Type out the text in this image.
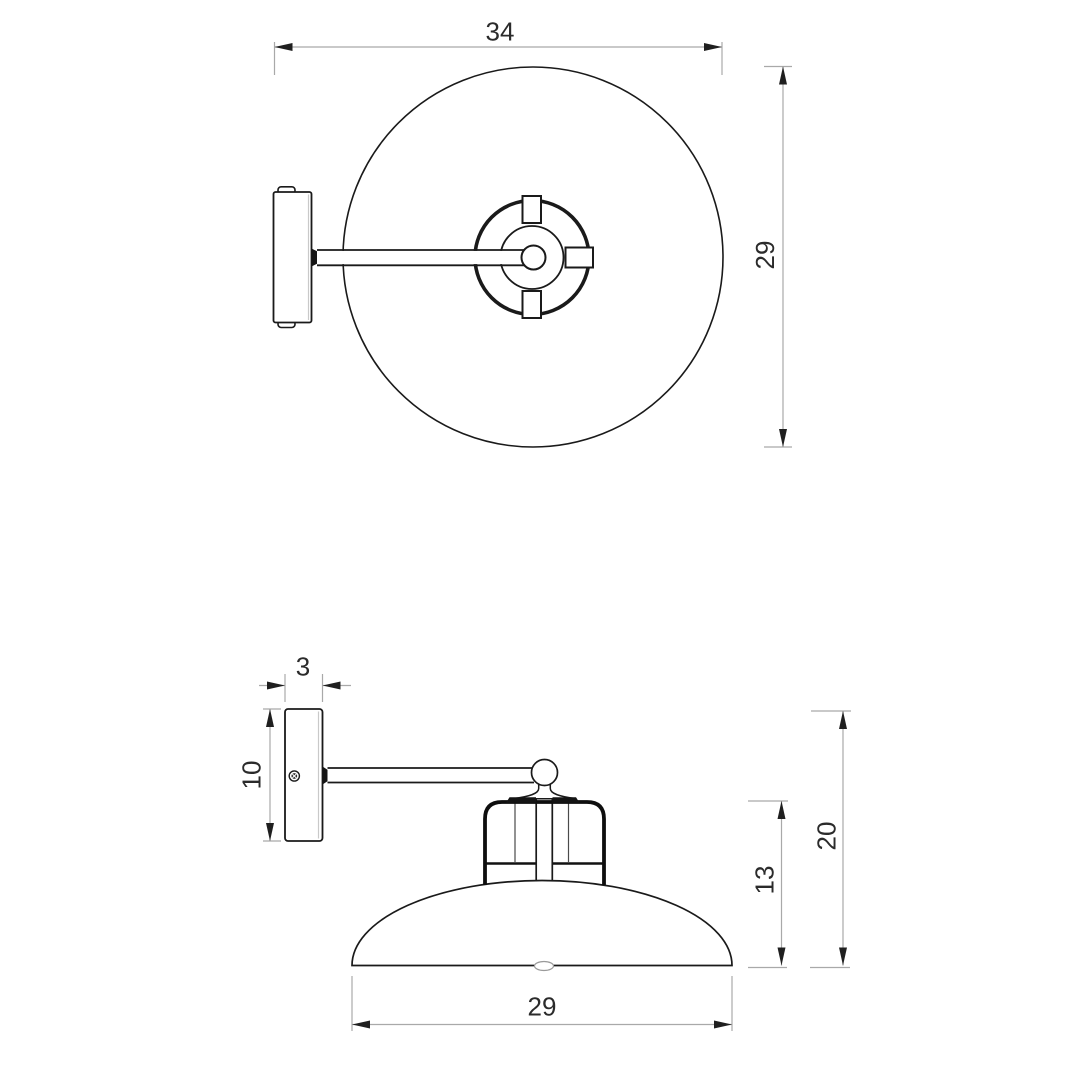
34
29
3
10
13
20
29
